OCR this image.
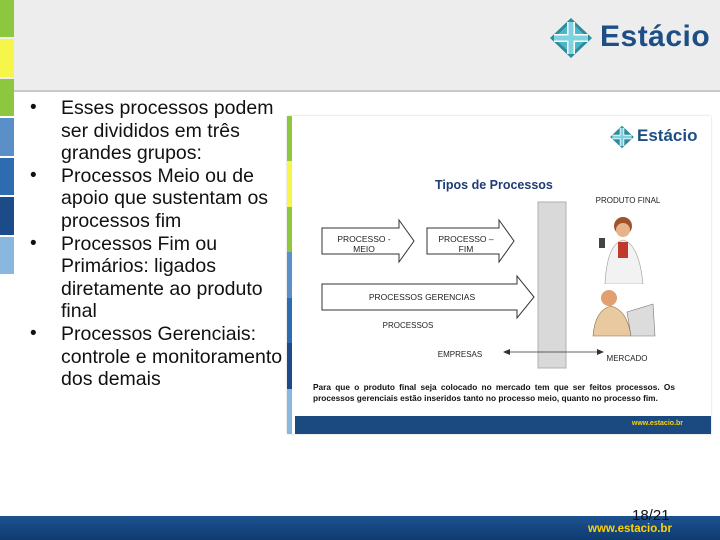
Estácio
• Esses processos podem ser divididos em três grandes grupos:
• Processos Meio ou de apoio que sustentam os processos fim
• Processos Fim ou Primários: ligados diretamente ao produto final
• Processos Gerenciais: controle e monitoramento dos demais
Estácio
Tipos de Processos
PRODUTO FINAL
PROCESSO - MEIO
PROCESSO – FIM
PROCESSOS GERENCIAS
PROCESSOS
EMPRESAS	MERCADO
Para que o produto final seja colocado no mercado tem que ser feitos processos. Os processos gerenciais estão inseridos tanto no processo meio, quanto no processo fim.
www.estacio.br
www.estacio.br
18/21
